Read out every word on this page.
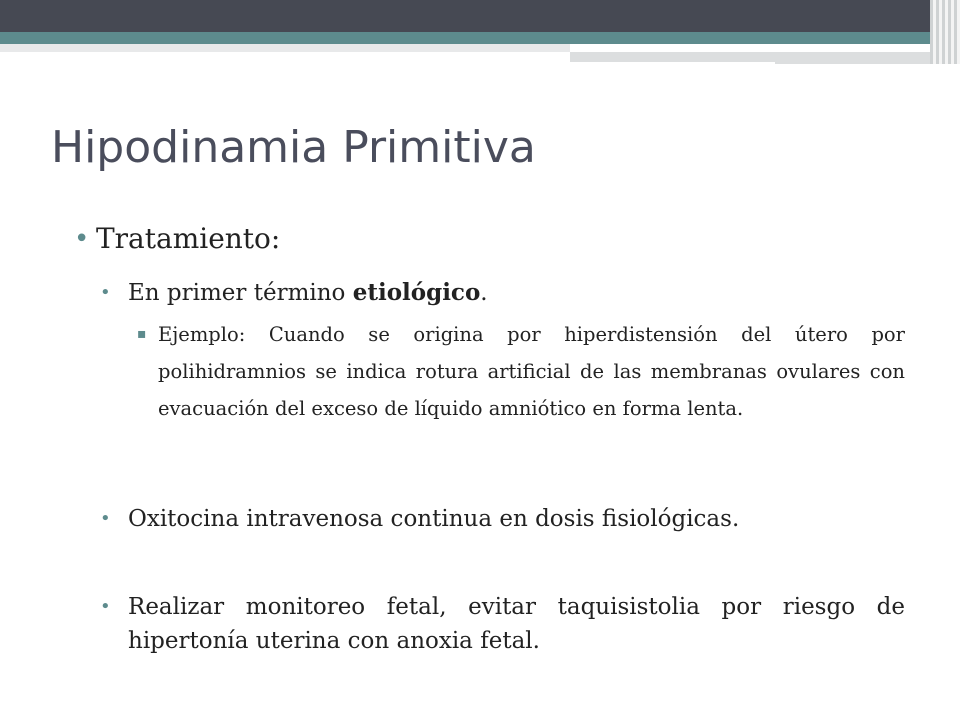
Hipodinamia Primitiva
• Tratamiento:
• En primer término etiológico.
▪ Ejemplo: Cuando se origina por hiperdistensión del útero por polihidramnios se indica rotura artificial de las membranas ovulares con evacuación del exceso de líquido amniótico en forma lenta.
• Oxitocina intravenosa continua en dosis fisiológicas.
• Realizar monitoreo fetal, evitar taquisistolia por riesgo de hipertonía uterina con anoxia fetal.
